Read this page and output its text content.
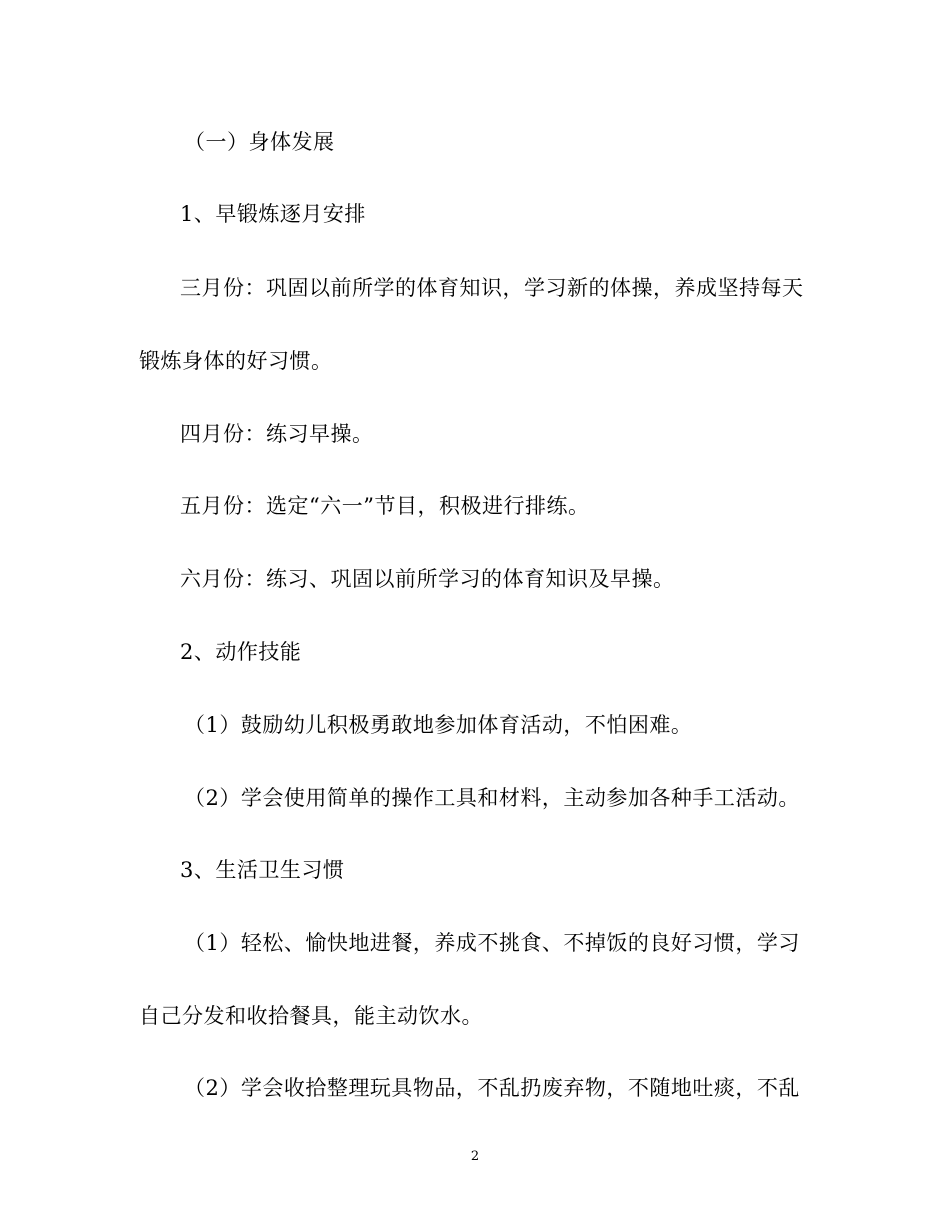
（一）身体发展
1、早锻炼逐月安排
三月份：巩固以前所学的体育知识，学习新的体操，养成坚持每天
锻炼身体的好习惯。
四月份：练习早操。
五月份：选定“六一”节目，积极进行排练。
六月份：练习、巩固以前所学习的体育知识及早操。
2、动作技能
（1）鼓励幼儿积极勇敢地参加体育活动，不怕困难。
（2）学会使用简单的操作工具和材料，主动参加各种手工活动。
3、生活卫生习惯
（1）轻松、愉快地进餐，养成不挑食、不掉饭的良好习惯，学习
自己分发和收拾餐具，能主动饮水。
（2）学会收拾整理玩具物品，不乱扔废弃物，不随地吐痰，不乱
2
